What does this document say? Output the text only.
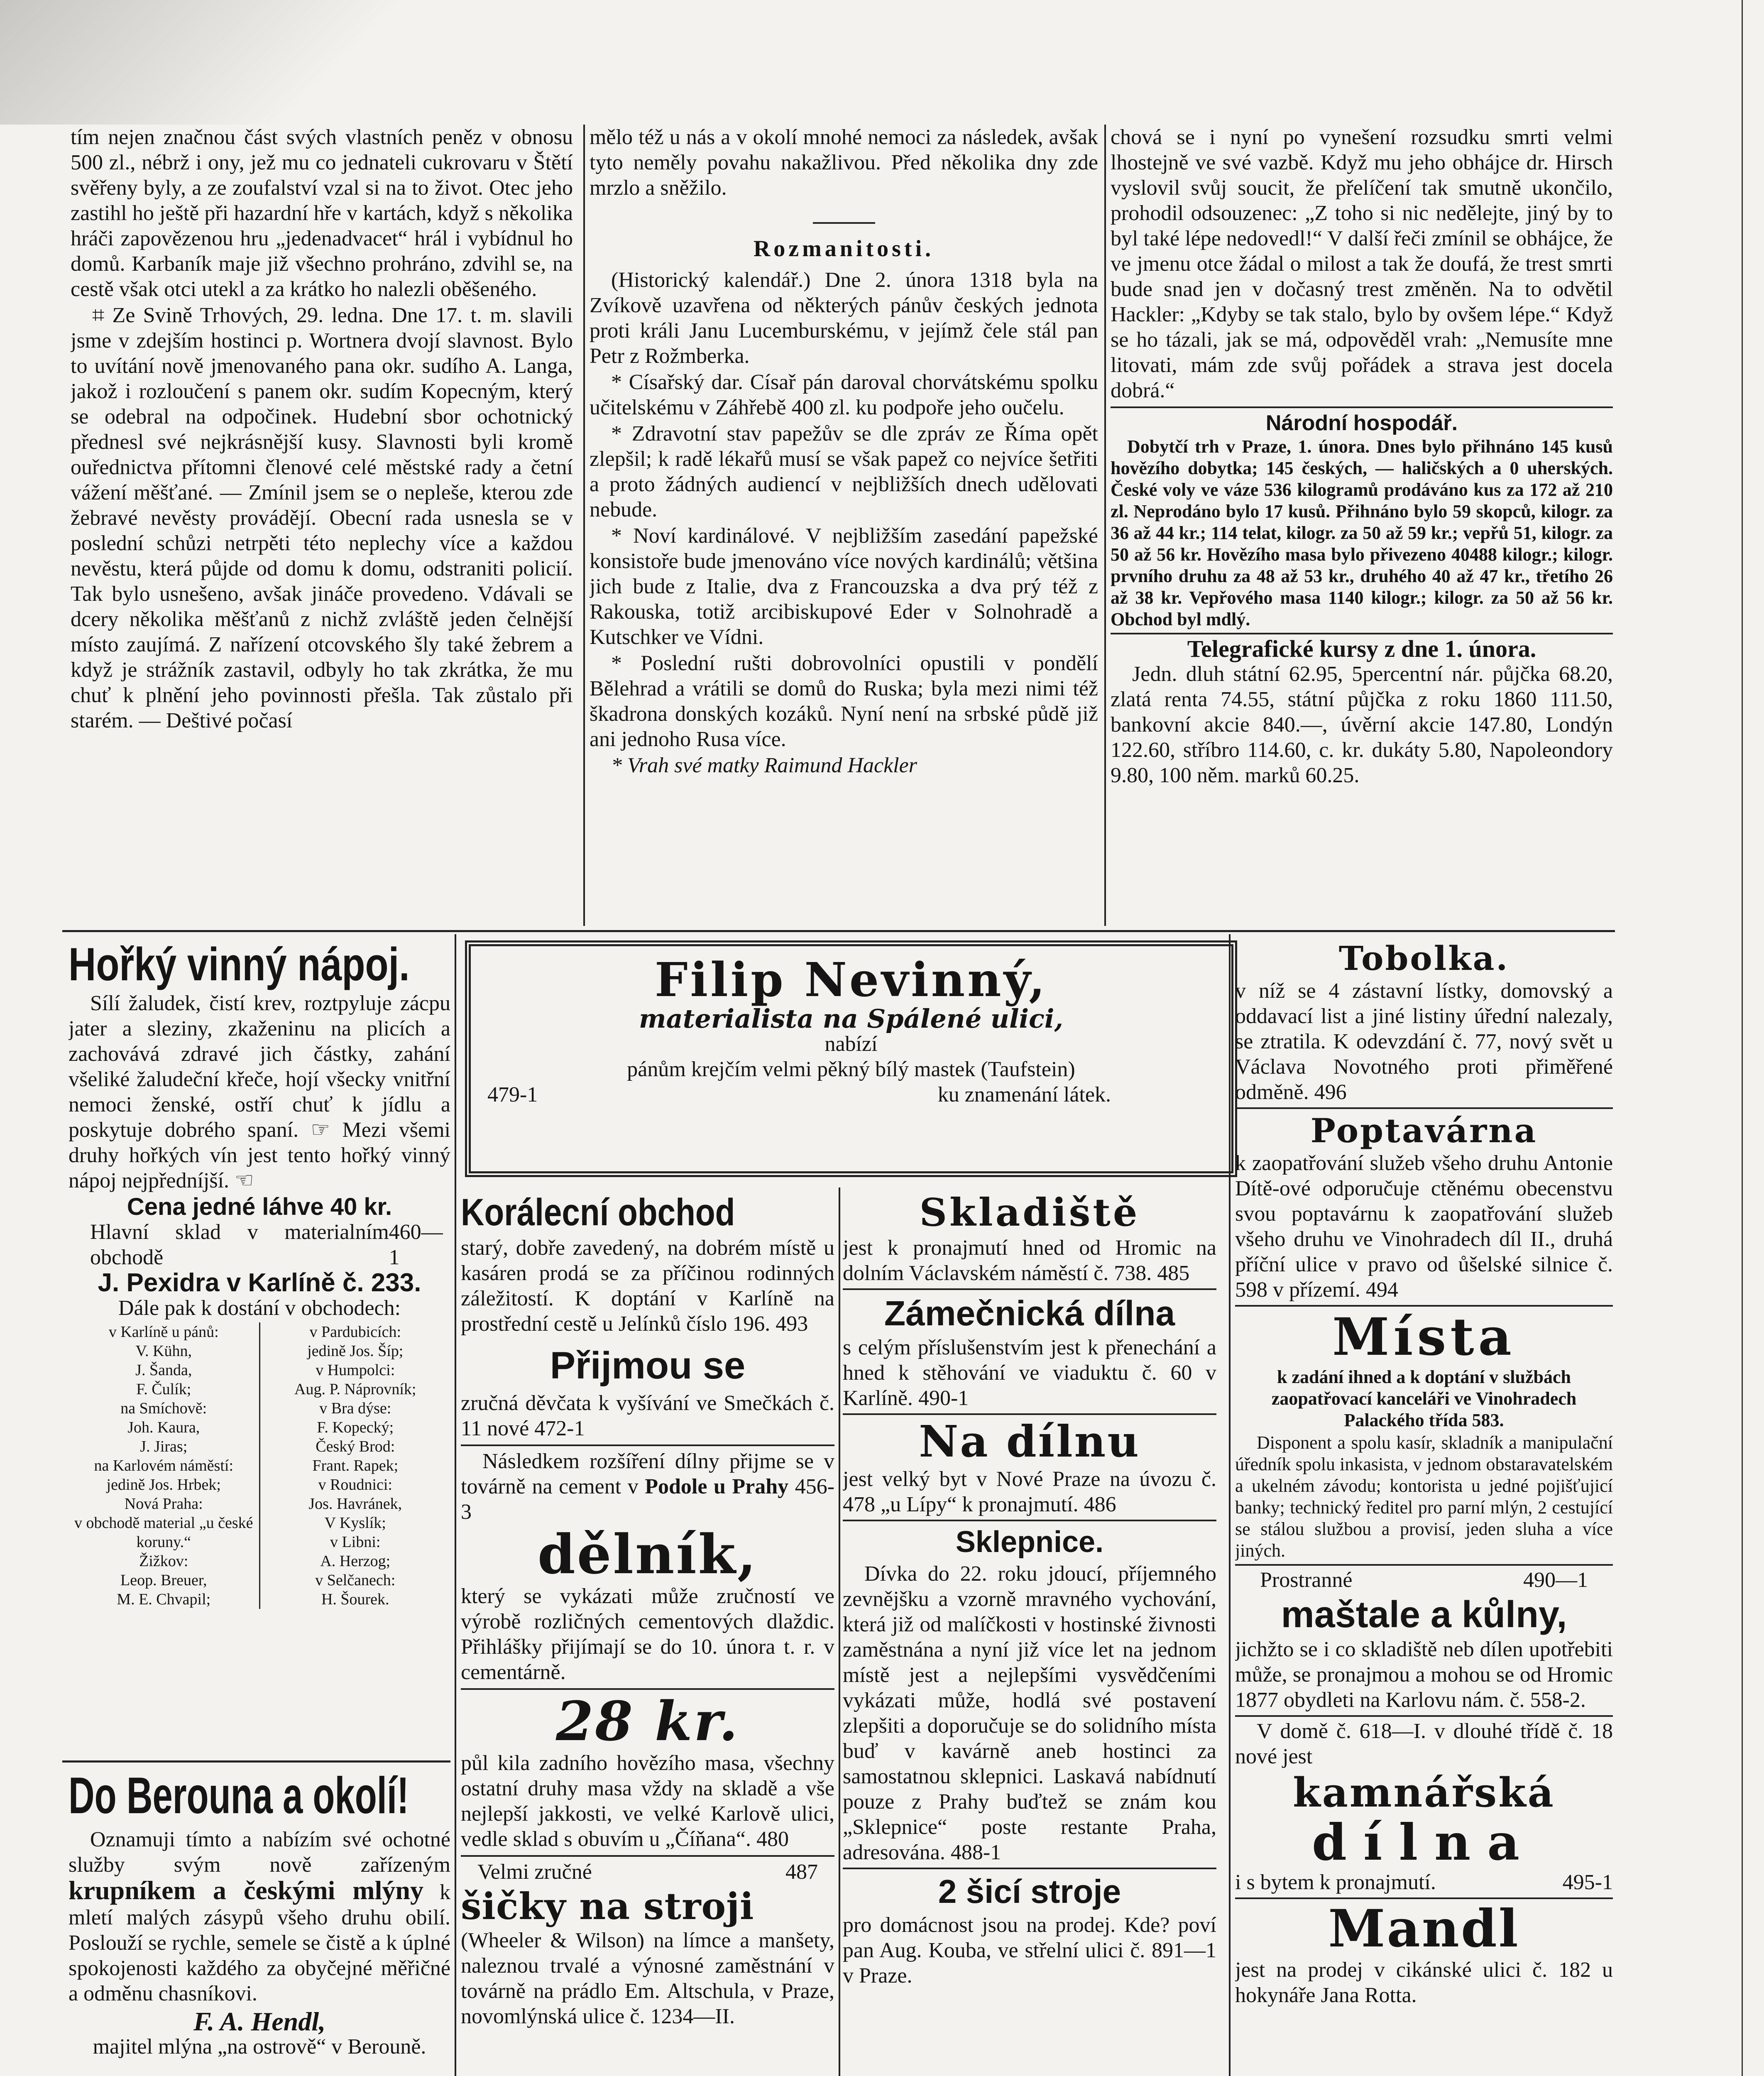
tím nejen značnou část svých vlastních peněz v obnosu 500 zl., nébrž i ony, jež mu co jednateli cukrovaru v Štětí svěřeny byly, a ze zoufalství vzal si na to život. Otec jeho zastihl ho ještě při hazardní hře v kartách, když s několika hráči zapovězenou hru „jedenadvacet“ hrál i vybídnul ho domů. Karbaník maje již všechno prohráno, zdvihl se, na cestě však otci utekl a za krátko ho nalezli oběšeného.

⌗ Ze Svině Trhových, 29. ledna. Dne 17. t. m. slavili jsme v zdejším hostinci p. Wortnera dvojí slavnost. Bylo to uvítání nově jmenovaného pana okr. sudího A. Langa, jakož i rozloučení s panem okr. sudím Kopecným, který se odebral na odpočinek. Hudební sbor ochotnický přednesl své nejkrásnější kusy. Slavnosti byli kromě ouřednictva přítomni členové celé městské rady a četní vážení měšťané. — Zmínil jsem se o nepleše, kterou zde žebravé nevěsty provádějí. Obecní rada usnesla se v poslední schůzi netrpěti této neplechy více a každou nevěstu, která půjde od domu k domu, odstraniti policií. Tak bylo usnešeno, avšak jináče provedeno. Vdávali se dcery několika měšťanů z nichž zvláště jeden čelnější místo zaujímá. Z nařízení otcovského šly také žebrem a když je strážník zastavil, odbyly ho tak zkrátka, že mu chuť k plnění jeho povinnosti přešla. Tak zůstalo při starém. — Deštivé počasí

mělo též u nás a v okolí mnohé nemoci za následek, avšak tyto neměly povahu nakažlivou. Před několika dny zde mrzlo a sněžilo.

Rozmanitosti.

(Historický kalendář.) Dne 2. února 1318 byla na Zvíkově uzavřena od některých pánův českých jednota proti králi Janu Lucemburskému, v jejímž čele stál pan Petr z Rožmberka.

* Císařský dar. Císař pán daroval chorvátskému spolku učitelskému v Záhřebě 400 zl. ku podpoře jeho oučelu.

* Zdravotní stav papežův se dle zpráv ze Říma opět zlepšil; k radě lékařů musí se však papež co nejvíce šetřiti a proto žádných audiencí v nejbližších dnech udělovati nebude.

* Noví kardinálové. V nejbližším zasedání papežské konsistoře bude jmenováno více nových kardinálů; většina jich bude z Italie, dva z Francouzska a dva prý též z Rakouska, totiž arcibiskupové Eder v Solnohradě a Kutschker ve Vídni.

* Poslední rušti dobrovolníci opustili v pondělí Bělehrad a vrátili se domů do Ruska; byla mezi nimi též škadrona donských kozáků. Nyní není na srbské půdě již ani jednoho Rusa více.

* Vrah své matky Raimund Hackler

chová se i nyní po vynešení rozsudku smrti velmi lhostejně ve své vazbě. Když mu jeho obhájce dr. Hirsch vyslovil svůj soucit, že přelíčení tak smutně ukončilo, prohodil odsouzenec: „Z toho si nic nedělejte, jiný by to byl také lépe nedovedl!“ V další řeči zmínil se obhájce, že ve jmenu otce žádal o milost a tak že doufá, že trest smrti bude snad jen v dočasný trest změněn. Na to odvětil Hackler: „Kdyby se tak stalo, bylo by ovšem lépe.“ Když se ho tázali, jak se má, odpověděl vrah: „Nemusíte mne litovati, mám zde svůj pořádek a strava jest docela dobrá.“

Národní hospodář.

Dobytčí trh v Praze, 1. února. Dnes bylo přihnáno 145 kusů hovězího dobytka; 145 českých, — haličských a 0 uherských. České voly ve váze 536 kilogramů prodáváno kus za 172 až 210 zl. Neprodáno bylo 17 kusů. Přihnáno bylo 59 skopců, kilogr. za 36 až 44 kr.; 114 telat, kilogr. za 50 až 59 kr.; vepřů 51, kilogr. za 50 až 56 kr. Hovězího masa bylo přivezeno 40488 kilogr.; kilogr. prvního druhu za 48 až 53 kr., druhého 40 až 47 kr., třetího 26 až 38 kr. Vepřového masa 1140 kilogr.; kilogr. za 50 až 56 kr. Obchod byl mdlý.

Telegrafické kursy z dne 1. února.

Jedn. dluh státní 62.95, 5percentní nár. půjčka 68.20, zlatá renta 74.55, státní půjčka z roku 1860 111.50, bankovní akcie 840.—, úvěrní akcie 147.80, Londýn 122.60, stříbro 114.60, c. kr. dukáty 5.80, Napoleondory 9.80, 100 něm. marků 60.25.

Hořký vinný nápoj.

Sílí žaludek, čistí krev, roztpyluje zácpu jater a sleziny, zkaženinu na plicích a zachovává zdravé jich částky, zahání všeliké žaludeční křeče, hojí všecky vnitřní nemoci ženské, ostří chuť k jídlu a poskytuje dobrého spaní. ☞ Mezi všemi druhy hořkých vín jest tento hořký vinný nápoj nejpředníjší. ☜

Cena jedné láhve 40 kr.
Hlavní sklad v materialním obchodě
460—1
J. Pexidra v Karlíně č. 233.
Dále pak k dostání v obchodech:
v Karlíně u pánů:
V. Kühn,
J. Šanda,
F. Čulík;
na Smíchově:
Joh. Kaura,
J. Jiras;
na Karlovém náměstí:
jedině Jos. Hrbek;
Nová Praha:
v obchodě material „u české koruny.“
Žižkov:
Leop. Breuer,
M. E. Chvapil;
v Pardubicích:
jedině Jos. Šíp;
v Humpolci:
Aug. P. Náprovník;
v Bra dýse:
F. Kopecký;
Český Brod:
Frant. Rapek;
v Roudnici:
Jos. Havránek,
V Kyslík;
v Libni:
A. Herzog;
v Selčanech:
H. Šourek.
Do Berouna a okolí!

Oznamuji tímto a nabízím své ochotné služby svým nově zařízeným krupníkem a českými mlýny k mletí malých zásypů všeho druhu obilí. Poslouží se rychle, semele se čistě a k úplné spokojenosti každého za obyčejné měřičné a odměnu chasníkovi.

F. A. Hendl,
majitel mlýna „na ostrově“ v Berouně.
Filip Nevinný,
materialista na Spálené ulici,
nabízí
pánům krejčím velmi pěkný bílý mastek (Taufstein)
479-1	ku znamenání látek.
Korálecní obchod

starý, dobře zavedený, na dobrém místě u kasáren prodá se za příčinou rodinných záležitostí. K doptání v Karlíně na prostřední cestě u Jelínků číslo 196. 493

Přijmou se

zručná děvčata k vyšívání ve Smečkách č. 11 nové 472-1

Následkem rozšíření dílny přijme se v továrně na cement v Podole u Prahy 456-3

dělník,

který se vykázati může zručností ve výrobě rozličných cementových dlaždic. Přihlášky přijímají se do 10. února t. r. v cementárně.

28 kr.

půl kila zadního hovězího masa, všechny ostatní druhy masa vždy na skladě a vše nejlepší jakkosti, ve velké Karlově ulici, vedle sklad s obuvím u „Číňana“. 480

Velmi zručné	487
šičky na stroji

(Wheeler & Wilson) na límce a manšety, naleznou trvalé a výnosné zaměstnání v továrně na prádlo Em. Altschula, v Praze, novomlýnská ulice č. 1234—II.

Skladiště

jest k pronajmutí hned od Hromic na dolním Václavském náměstí č. 738. 485

Zámečnická dílna

s celým příslušenstvím jest k přenechání a hned k stěhování ve viaduktu č. 60 v Karlíně. 490-1

Na dílnu

jest velký byt v Nové Praze na úvozu č. 478 „u Lípy“ k pronajmutí. 486

Sklepnice.

Dívka do 22. roku jdoucí, příjemného zevnějšku a vzorně mravného vychování, která již od malíčkosti v hostinské živnosti zaměstnána a nyní již více let na jednom místě jest a nejlepšími vysvědčeními vykázati může, hodlá své postavení zlepšiti a doporučuje se do solidního místa buď v kavárně aneb hostinci za samostatnou sklepnici. Laskavá nabídnutí pouze z Prahy buďtež se znám kou „Sklepnice“ poste restante Praha, adresována. 488-1

2 šicí stroje

pro domácnost jsou na prodej. Kde? poví pan Aug. Kouba, ve střelní ulici č. 891—1 v Praze.

Tobolka.

v níž se 4 zástavní lístky, domovský a oddavací list a jiné listiny úřední nalezaly, se ztratila. K odevzdání č. 77, nový svět u Václava Novotného proti přiměřené odměně. 496

Poptavárna

k zaopatřování služeb všeho druhu Antonie Dítě-ové odporučuje ctěnému obecenstvu svou poptavárnu k zaopatřování služeb všeho druhu ve Vinohradech díl II., druhá příční ulice v pravo od ůšelské silnice č. 598 v přízemí. 494

Místa

k zadání ihned a k doptání v službách zaopatřovací kanceláři ve Vinohradech Palackého třída 583.

Disponent a spolu kasír, skladník a manipulační úředník spolu inkasista, v jednom obstaravatelském a ukelném závodu; kontorista u jedné pojišťujicí banky; technický ředitel pro parní mlýn, 2 cestující se stálou službou a provisí, jeden sluha a více jiných.

Prostranné	490—1
maštale a kůlny,

jichžto se i co skladiště neb dílen upotřebiti může, se pronajmou a mohou se od Hromic 1877 obydleti na Karlovu nám. č. 558-2.

V domě č. 618—I. v dlouhé třídě č. 18 nové jest

kamnářská
dílna
i s bytem k pronajmutí.	495-1
Mandl

jest na prodej v cikánské ulici č. 182 u hokynáře Jana Rotta.
